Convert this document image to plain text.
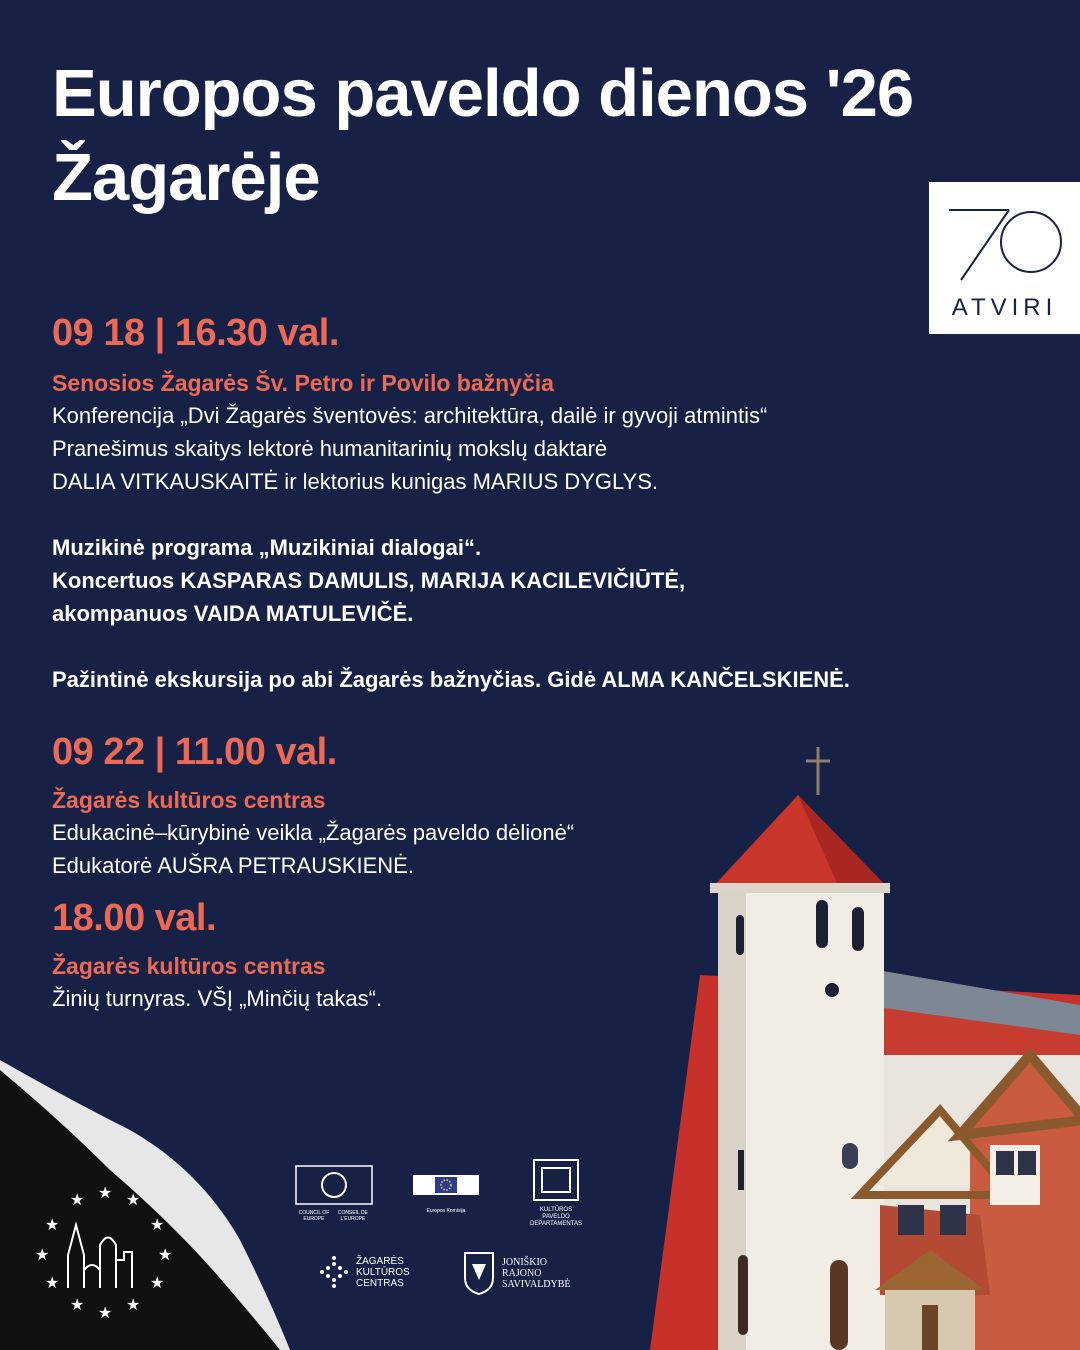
Europos paveldo dienos '26
Žagarėje
ATVIRI
09 18 | 16.30 val.
Senosios Žagarės Šv. Petro ir Povilo bažnyčia
Konferencija „Dvi Žagarės šventovės: architektūra, dailė ir gyvoji atmintis“
Pranešimus skaitys lektorė humanitarinių mokslų daktarė
DALIA VITKAUSKAITĖ ir lektorius kunigas MARIUS DYGLYS.
Muzikinė programa „Muzikiniai dialogai“.
Koncertuos KASPARAS DAMULIS, MARIJA KACILEVIČIŪTĖ,
akompanuos VAIDA MATULEVIČĖ.
Pažintinė ekskursija po abi Žagarės bažnyčias. Gidė ALMA KANČELSKIENĖ.
09 22 | 11.00 val.
Žagarės kultūros centras
Edukacinė–kūrybinė veikla „Žagarės paveldo dėlionė“
Edukatorė AUŠRA PETRAUSKIENĖ.
18.00 val.
Žagarės kultūros centras
Žinių turnyras. VŠĮ „Minčių takas“.
★
★ ★ ★
★
★
★
★
★
★
★
★
COUNCIL OF EUROPE
CONSEIL DE L'EUROPE
Europos Komisija	KULTŪROS
PAVELDO
DEPARTAMENTAS
ŽAGARĖS
KULTŪROS
CENTRAS
JONIŠKIO
RAJONO
SAVIVALDYBĖ
